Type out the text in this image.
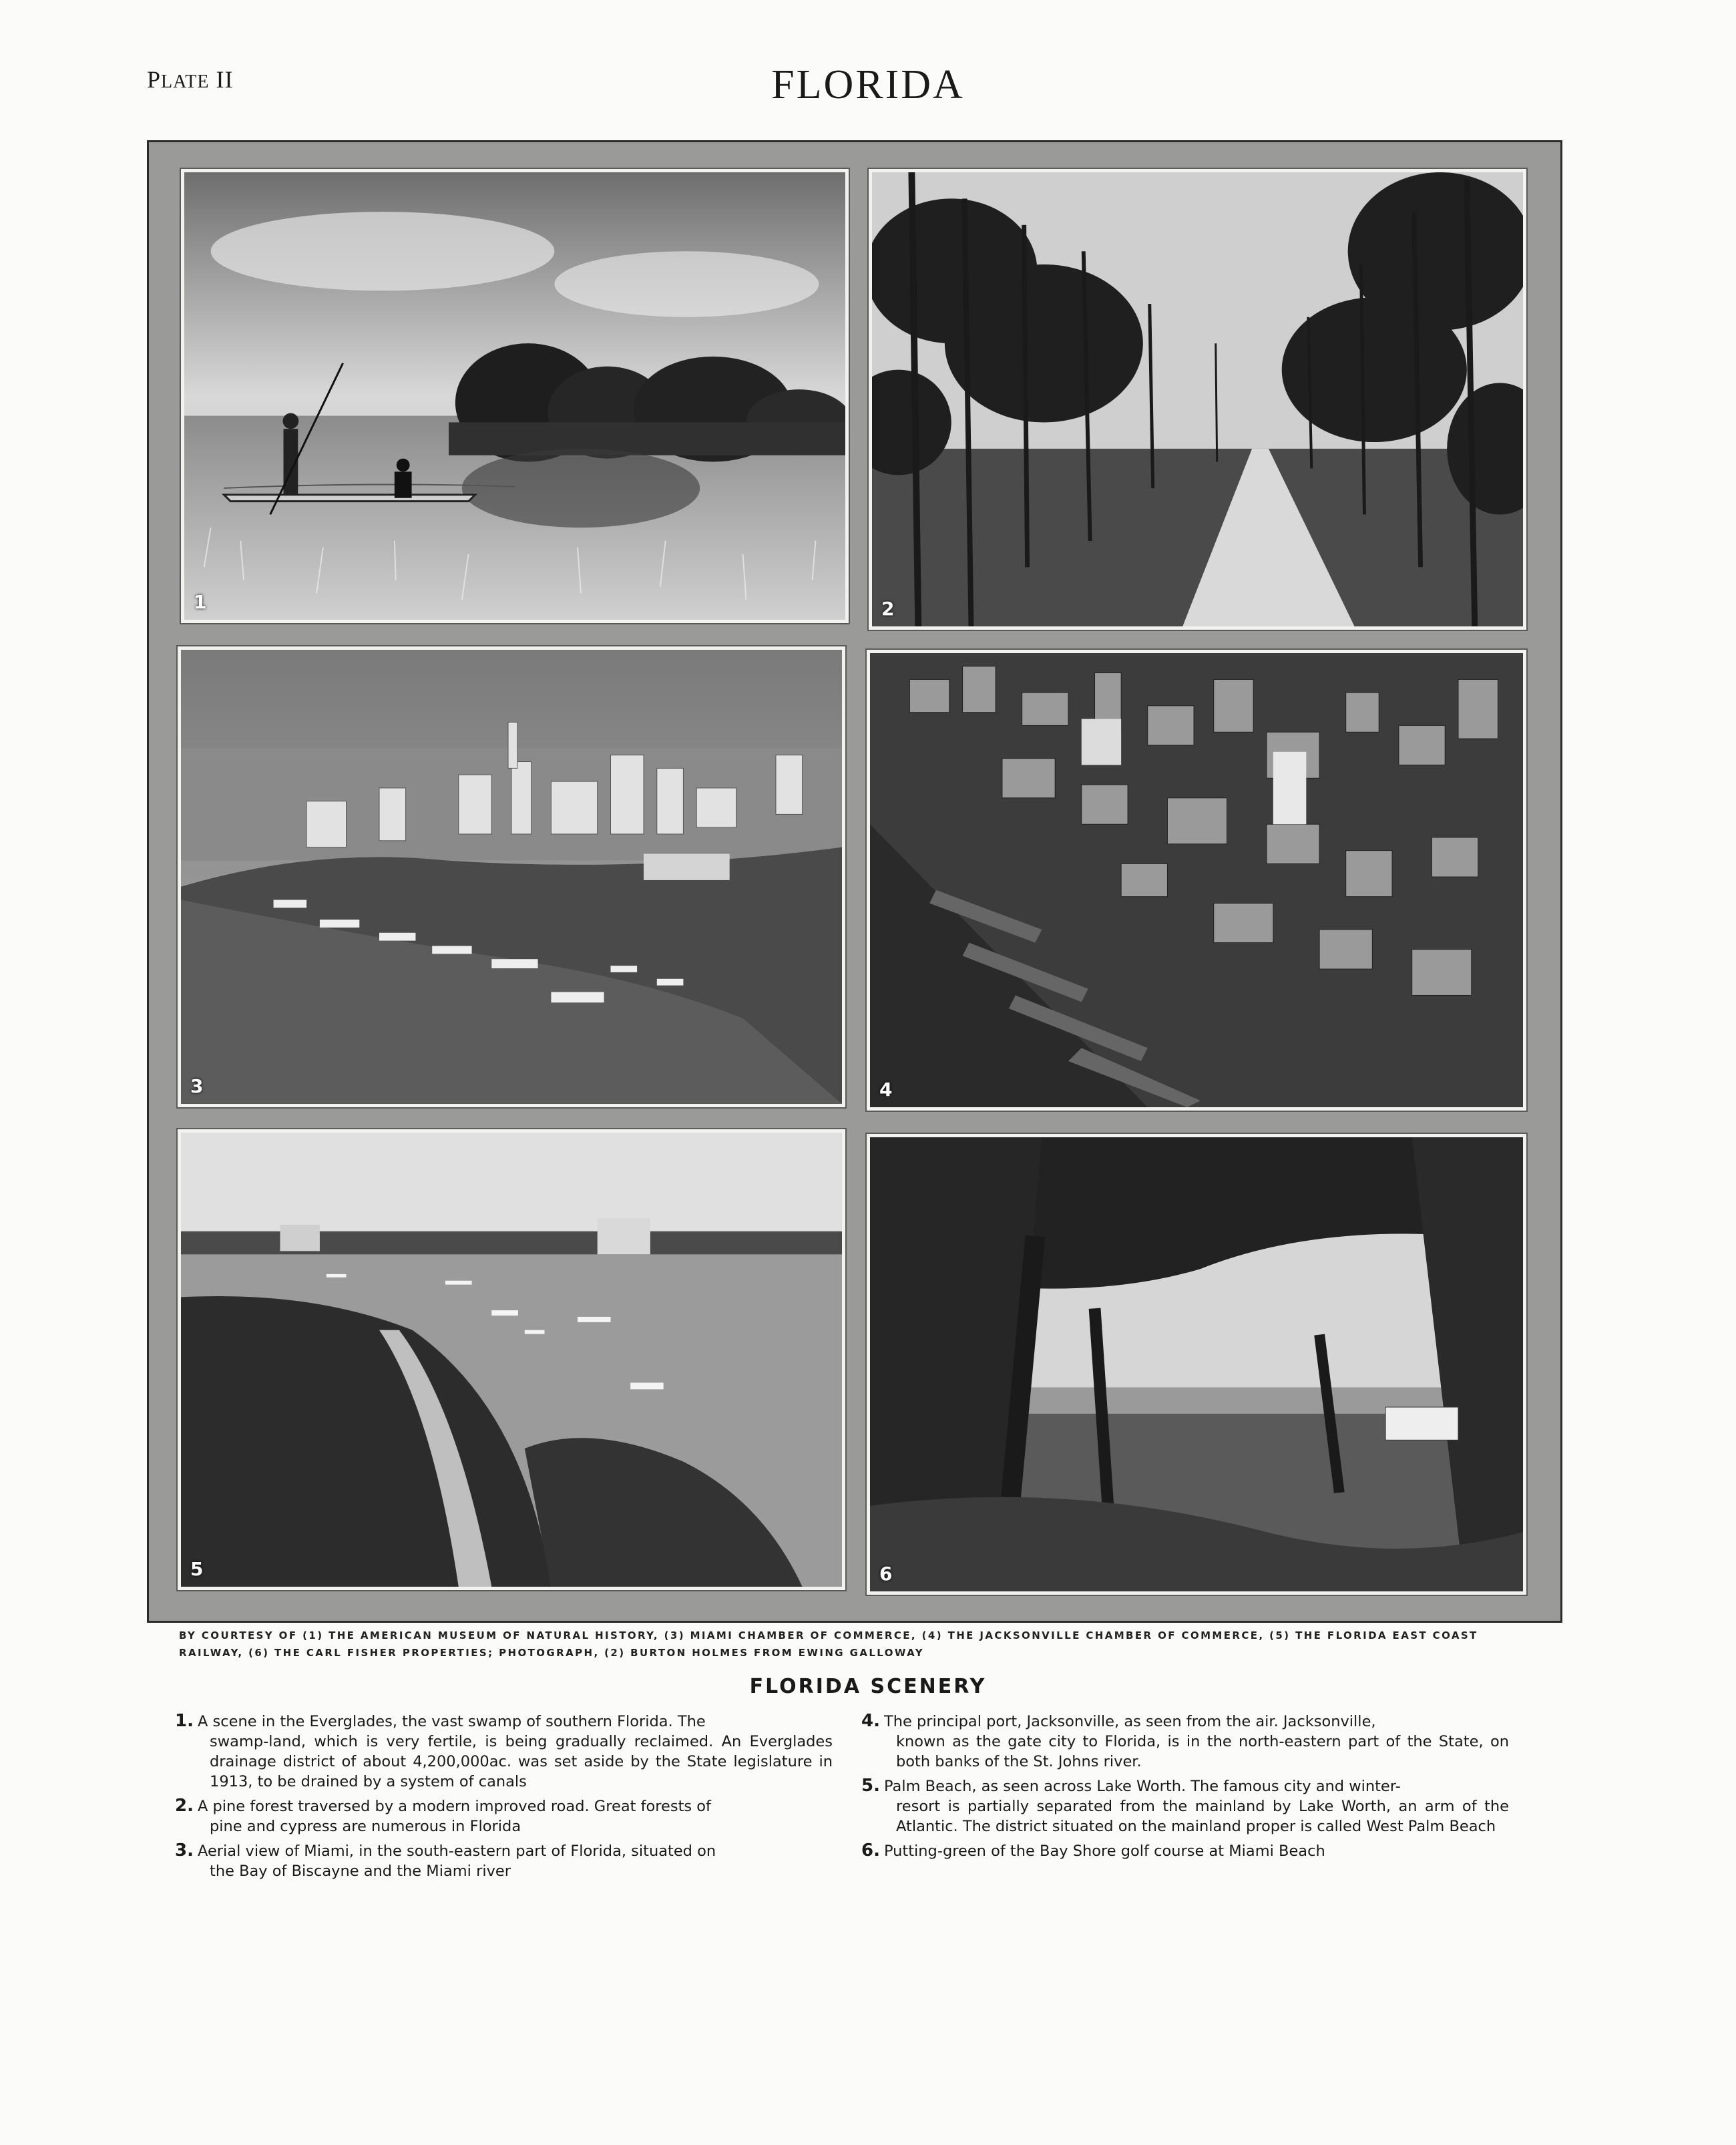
PLATE II	FLORIDA
1	2
3	4
5	6
BY COURTESY OF (1) THE AMERICAN MUSEUM OF NATURAL HISTORY, (3) MIAMI CHAMBER OF COMMERCE, (4) THE JACKSONVILLE CHAMBER OF COMMERCE, (5) THE FLORIDA EAST COAST
RAILWAY, (6) THE CARL FISHER PROPERTIES; PHOTOGRAPH, (2) BURTON HOLMES FROM EWING GALLOWAY
FLORIDA SCENERY
1. A scene in the Everglades, the vast swamp of southern Florida. The
swamp-land, which is very fertile, is being gradually reclaimed. An Everglades drainage district of about 4,200,000ac. was set aside by the State legislature in 1913, to be drained by a system of canals
2. A pine forest traversed by a modern improved road. Great forests of
pine and cypress are numerous in Florida
3. Aerial view of Miami, in the south-eastern part of Florida, situated on
the Bay of Biscayne and the Miami river
4. The principal port, Jacksonville, as seen from the air. Jacksonville,
known as the gate city to Florida, is in the north-eastern part of the State, on both banks of the St. Johns river.
5. Palm Beach, as seen across Lake Worth. The famous city and winter-
resort is partially separated from the mainland by Lake Worth, an arm of the Atlantic. The district situated on the mainland proper is called West Palm Beach
6. Putting-green of the Bay Shore golf course at Miami Beach
